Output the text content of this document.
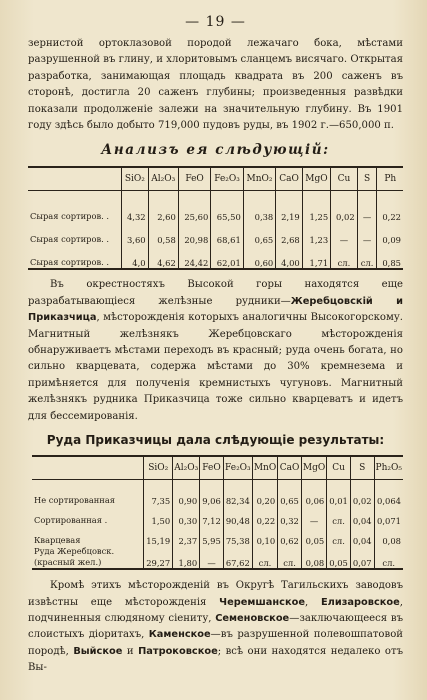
— 19 —

зернистой ортоклазовой породой лежачаго бока, мѣстами разрушенной въ глину, и хлоритовымъ сланцемъ висячаго. Открытая разработка, занимающая площадь квадрата въ 200 саженъ въ сторонѣ, достигла 20 саженъ глубины; произведенныя развѣдки показали продолженіе залежи на значительную глубину. Въ 1901 году здѣсь было добыто 719,000 пудовъ руды, въ 1902 г.—650,000 п.

Анализъ ея слѣдующій:
	SiO₂	Al₂O₃	FeO	Fe₂O₃	MnO₂	CaO	MgO	Cu	S	Ph
Сырая сортиров. .	4,32	2,60	25,60	65,50	0,38	2,19	1,25	0,02	—	0,22
Сырая сортиров. .	3,60	0,58	20,98	68,61	0,65	2,68	1,23	—	—	0,09
Сырая сортиров. .	4,0	4,62	24,42	62,01	0,60	4,00	1,71	сл.	сл.	0,85

Въ окрестностяхъ Высокой горы находятся еще разрабатывающіеся желѣзные рудники—Жеребцовскій и Приказчица, мѣсторожденія которыхъ аналогичны Высокогорскому. Магнитный желѣзнякъ Жеребцовскаго мѣсторожденія обнаруживаетъ мѣстами переходъ въ красный; руда очень богата, но сильно кварцевата, содержа мѣстами до 30% кремнезема и примѣняется для полученія кремнистыхъ чугуновъ. Магнитный желѣзнякъ рудника Приказчица тоже сильно кварцеватъ и идетъ для бессемированія.

Руда Приказчицы дала слѣдующіе результаты:
	SiO₂	Al₂O₃	FeO	Fe₂O₃	MnO	CaO	MgO	Cu	S	Ph₂O₅
Не сортированная	7,35	0,90	9,06	82,34	0,20	0,65	0,06	0,01	0,02	0,064
Сортированная .	1,50	0,30	7,12	90,48	0,22	0,32	—	сл.	0,04	0,071
Кварцевая	15,19	2,37	5,95	75,38	0,10	0,62	0,05	сл.	0,04	0,08
Руда Жеребцовск. (красный жел.)	29,27	1,80	—	67,62	сл.	сл.	0,08	0,05	0,07	сл.

Кромѣ этихъ мѣсторожденій въ Округѣ Тагильскихъ заводовъ извѣстны еще мѣсторожденія Черемшанское, Елизаровское, подчиненныя слюдяному сіениту, Семеновское—заключающееся въ слоистыхъ діоритахъ, Каменское—въ разрушенной полевошпатовой породѣ, Выйское и Патроковское; всѣ они находятся недалеко отъ Вы-
